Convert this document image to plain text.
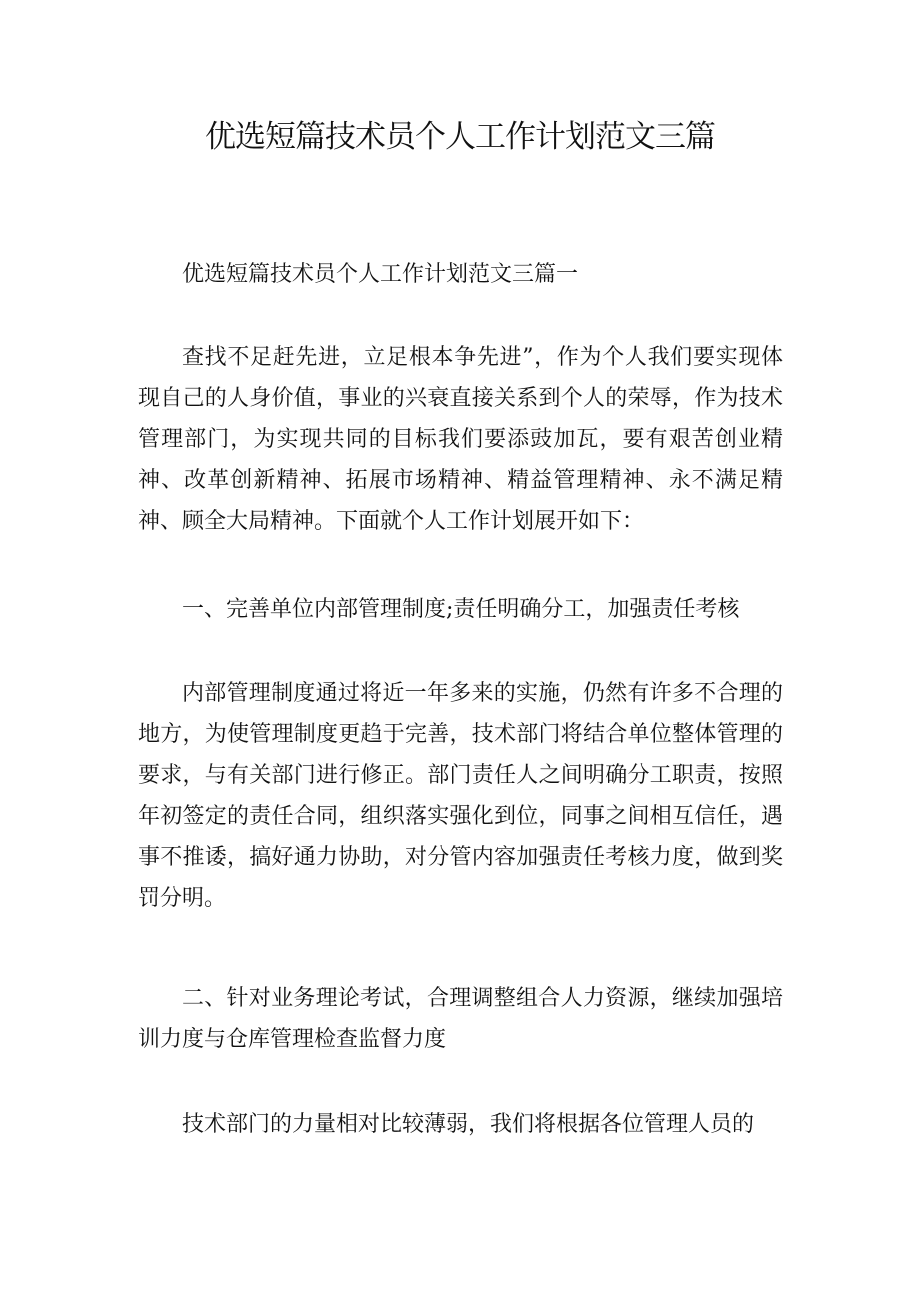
优选短篇技术员个人工作计划范文三篇

优选短篇技术员个人工作计划范文三篇一

查找不足赶先进，立足根本争先进”，作为个人我们要实现体现自己的人身价值，事业的兴衰直接关系到个人的荣辱，作为技术管理部门，为实现共同的目标我们要添豉加瓦，要有艰苦创业精神、改革创新精神、拓展市场精神、精益管理精神、永不满足精神、顾全大局精神。下面就个人工作计划展开如下：

一、完善单位内部管理制度;责任明确分工，加强责任考核

内部管理制度通过将近一年多来的实施，仍然有许多不合理的地方，为使管理制度更趋于完善，技术部门将结合单位整体管理的要求，与有关部门进行修正。部门责任人之间明确分工职责，按照年初签定的责任合同，组织落实强化到位，同事之间相互信任，遇事不推诿，搞好通力协助，对分管内容加强责任考核力度，做到奖罚分明。

二、针对业务理论考试，合理调整组合人力资源，继续加强培训力度与仓库管理检查监督力度

技术部门的力量相对比较薄弱，我们将根据各位管理人员的
